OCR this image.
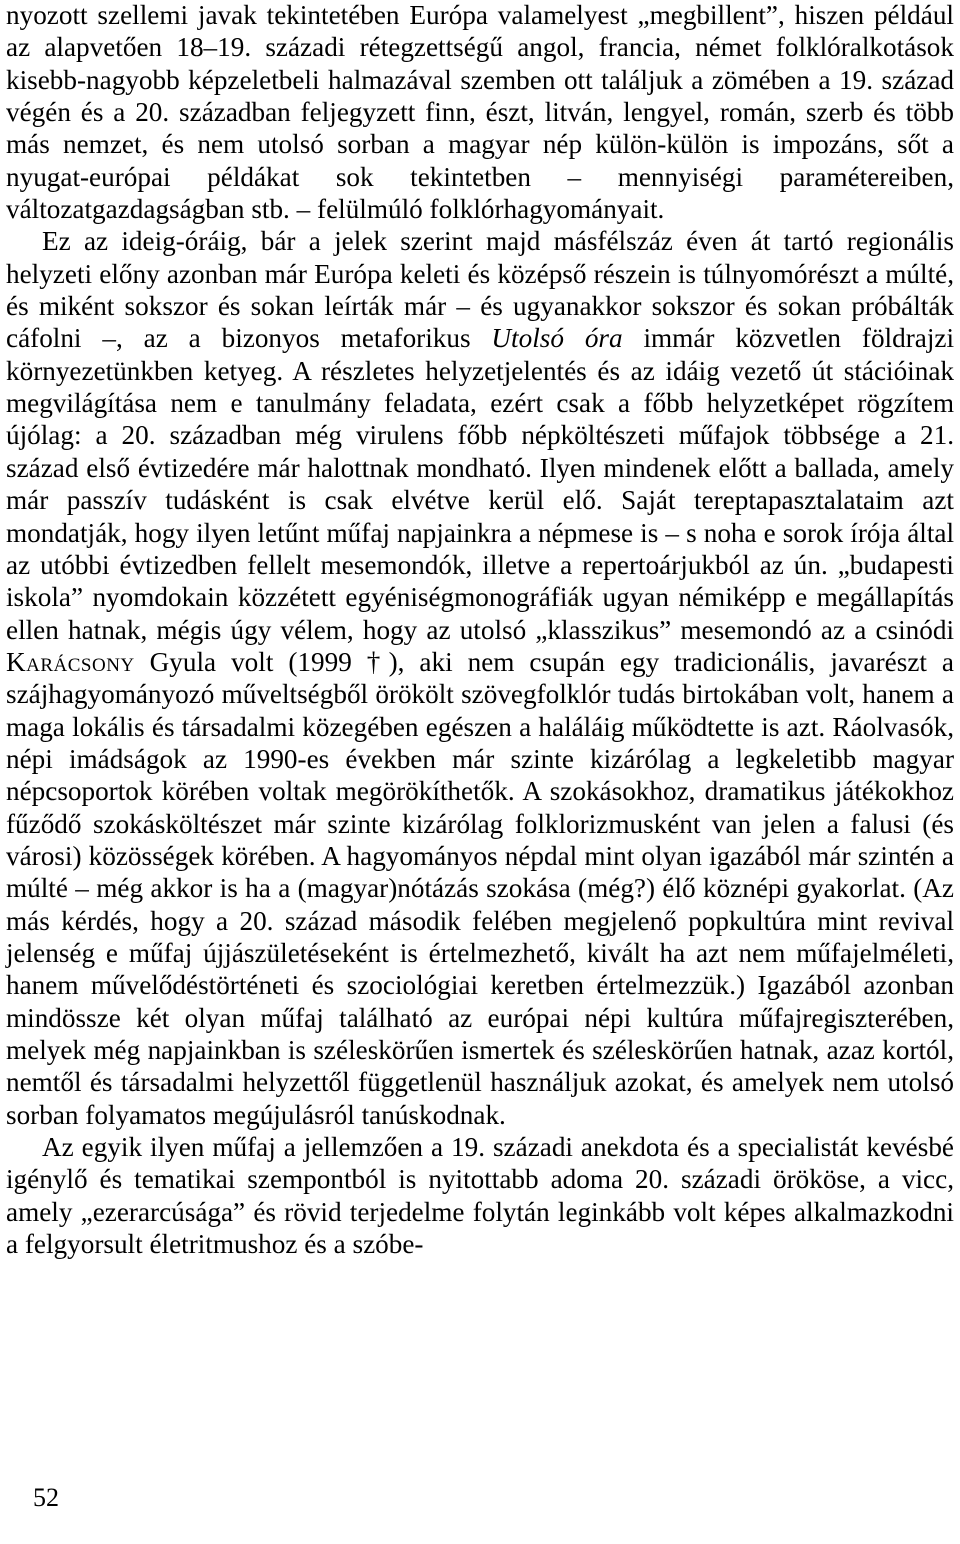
nyozott szellemi javak tekintetében Európa valamelyest „megbillent”, hiszen például az alapvetően 18–19. századi rétegzettségű angol, francia, német folklóralkotások kisebb-nagyobb képzeletbeli halmazával szemben ott találjuk a zömében a 19. század végén és a 20. században feljegyzett finn, észt, litván, lengyel, román, szerb és több más nemzet, és nem utolsó sorban a magyar nép külön-külön is impozáns, sőt a nyugat-európai példákat sok tekintetben – mennyiségi paramétereiben, változatgazdagságban stb. – felülmúló folklórhagyományait.

Ez az ideig-óráig, bár a jelek szerint majd másfélszáz éven át tartó regionális helyzeti előny azonban már Európa keleti és középső részein is túlnyomórészt a múlté, és miként sokszor és sokan leírták már – és ugyanakkor sokszor és sokan próbálták cáfolni –, az a bizonyos metaforikus Utolsó óra immár közvetlen földrajzi környezetünkben ketyeg. A részletes helyzetjelentés és az idáig vezető út stációinak megvilágítása nem e tanulmány feladata, ezért csak a főbb helyzetképet rögzítem újólag: a 20. században még virulens főbb népköltészeti műfajok többsége a 21. század első évtizedére már halottnak mondható. Ilyen mindenek előtt a ballada, amely már passzív tudásként is csak elvétve kerül elő. Saját tereptapasztalataim azt mondatják, hogy ilyen letűnt műfaj napjainkra a népmese is – s noha e sorok írója által az utóbbi évtizedben fellelt mesemondók, illetve a repertoárjukból az ún. „budapesti iskola” nyomdokain közzétett egyéniségmonográfiák ugyan némiképp e megállapítás ellen hatnak, mégis úgy vélem, hogy az utolsó „klasszikus” mesemondó az a csinódi Karácsony Gyula volt (1999 †), aki nem csupán egy tradicionális, javarészt a szájhagyományozó műveltségből örökölt szövegfolklór tudás birtokában volt, hanem a maga lokális és társadalmi közegében egészen a haláláig működtette is azt. Ráolvasók, népi imádságok az 1990-es években már szinte kizárólag a legkeletibb magyar népcsoportok körében voltak megörökíthetők. A szokásokhoz, dramatikus játékokhoz fűződő szokásköltészet már szinte kizárólag folklorizmusként van jelen a falusi (és városi) közösségek körében. A hagyományos népdal mint olyan igazából már szintén a múlté – még akkor is ha a (magyar)nótázás szokása (még?) élő köznépi gyakorlat. (Az más kérdés, hogy a 20. század második felében megjelenő popkultúra mint revival jelenség e műfaj újjászületéseként is értelmezhető, kivált ha azt nem műfajelméleti, hanem művelődéstörténeti és szociológiai keretben értelmezzük.) Igazából azonban mindössze két olyan műfaj található az európai népi kultúra műfajregiszterében, melyek még napjainkban is széleskörűen ismertek és széleskörűen hatnak, azaz kortól, nemtől és társadalmi helyzettől függetlenül használjuk azokat, és amelyek nem utolsó sorban folyamatos megújulásról tanúskodnak.

Az egyik ilyen műfaj a jellemzően a 19. századi anekdota és a specialistát kevésbé igénylő és tematikai szempontból is nyitottabb adoma 20. századi örököse, a vicc, amely „ezerarcúsága” és rövid terjedelme folytán leginkább volt képes alkalmazkodni a felgyorsult életritmushoz és a szóbe-

52
